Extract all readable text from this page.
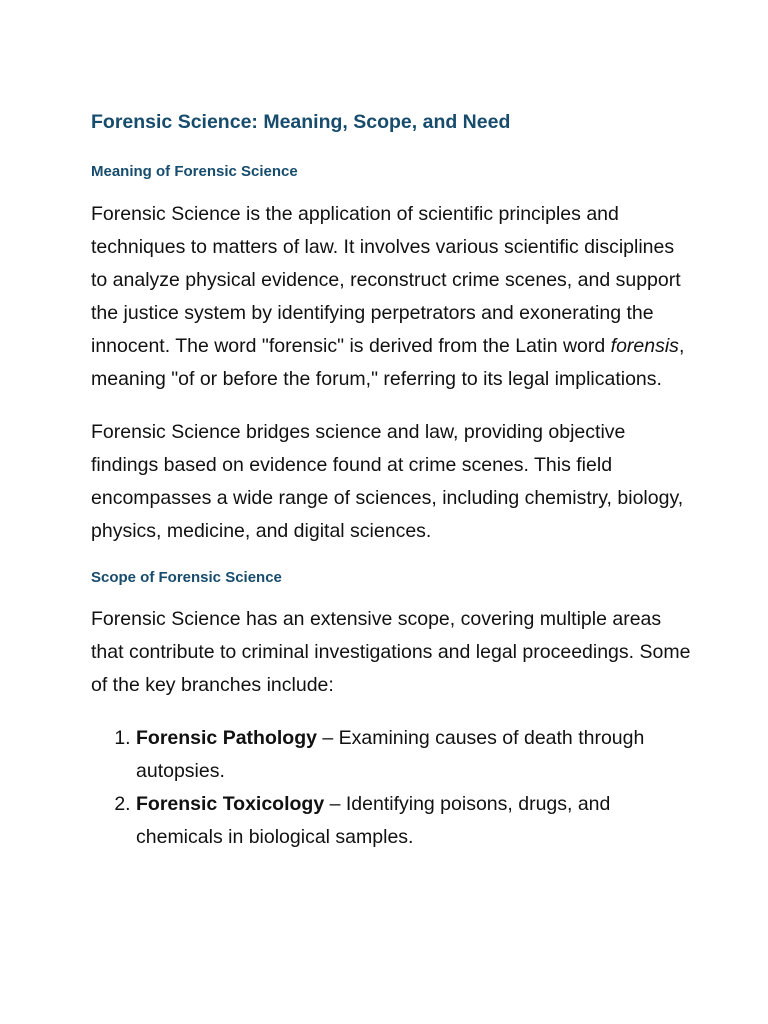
Forensic Science: Meaning, Scope, and Need
Meaning of Forensic Science

Forensic Science is the application of scientific principles and techniques to matters of law. It involves various scientific disciplines to analyze physical evidence, reconstruct crime scenes, and support the justice system by identifying perpetrators and exonerating the innocent. The word "forensic" is derived from the Latin word forensis, meaning "of or before the forum," referring to its legal implications.

Forensic Science bridges science and law, providing objective findings based on evidence found at crime scenes. This field encompasses a wide range of sciences, including chemistry, biology, physics, medicine, and digital sciences.

Scope of Forensic Science

Forensic Science has an extensive scope, covering multiple areas that contribute to criminal investigations and legal proceedings. Some of the key branches include:

1. Forensic Pathology – Examining causes of death through autopsies.
2. Forensic Toxicology – Identifying poisons, drugs, and chemicals in biological samples.
